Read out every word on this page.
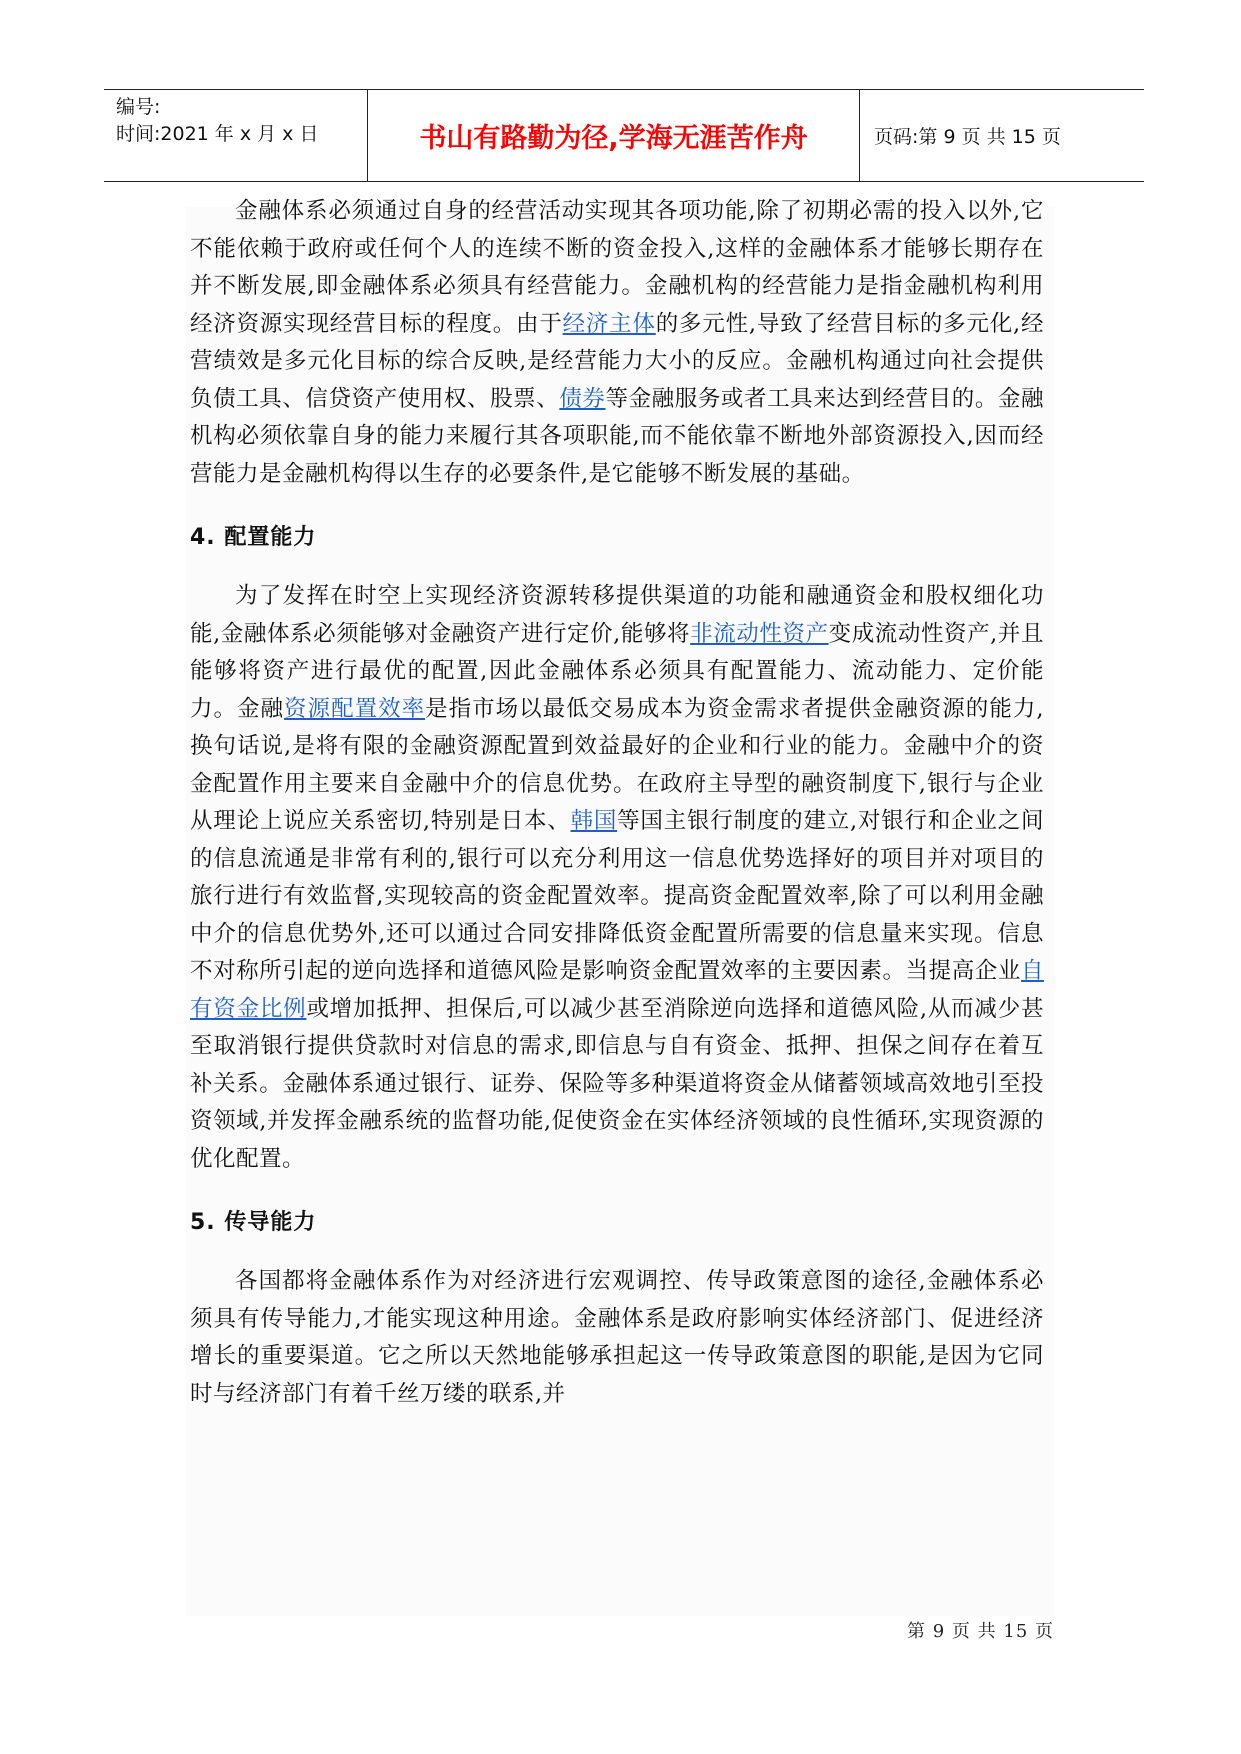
编号:
时间:2021 年 x 月 x 日	书山有路勤为径,学海无涯苦作舟	页码:第 9 页 共 15 页

金融体系必须通过自身的经营活动实现其各项功能,除了初期必需的投入以外,它不能依赖于政府或任何个人的连续不断的资金投入,这样的金融体系才能够长期存在并不断发展,即金融体系必须具有经营能力。金融机构的经营能力是指金融机构利用经济资源实现经营目标的程度。由于经济主体的多元性,导致了经营目标的多元化,经营绩效是多元化目标的综合反映,是经营能力大小的反应。金融机构通过向社会提供负债工具、信贷资产使用权、股票、债券等金融服务或者工具来达到经营目的。金融机构必须依靠自身的能力来履行其各项职能,而不能依靠不断地外部资源投入,因而经营能力是金融机构得以生存的必要条件,是它能够不断发展的基础。

4. 配置能力

为了发挥在时空上实现经济资源转移提供渠道的功能和融通资金和股权细化功能,金融体系必须能够对金融资产进行定价,能够将非流动性资产变成流动性资产,并且能够将资产进行最优的配置,因此金融体系必须具有配置能力、流动能力、定价能力。金融资源配置效率是指市场以最低交易成本为资金需求者提供金融资源的能力,换句话说,是将有限的金融资源配置到效益最好的企业和行业的能力。金融中介的资金配置作用主要来自金融中介的信息优势。在政府主导型的融资制度下,银行与企业从理论上说应关系密切,特别是日本、韩国等国主银行制度的建立,对银行和企业之间的信息流通是非常有利的,银行可以充分利用这一信息优势选择好的项目并对项目的旅行进行有效监督,实现较高的资金配置效率。提高资金配置效率,除了可以利用金融中介的信息优势外,还可以通过合同安排降低资金配置所需要的信息量来实现。信息不对称所引起的逆向选择和道德风险是影响资金配置效率的主要因素。当提高企业自有资金比例或增加抵押、担保后,可以减少甚至消除逆向选择和道德风险,从而减少甚至取消银行提供贷款时对信息的需求,即信息与自有资金、抵押、担保之间存在着互补关系。金融体系通过银行、证券、保险等多种渠道将资金从储蓄领域高效地引至投资领域,并发挥金融系统的监督功能,促使资金在实体经济领域的良性循环,实现资源的优化配置。

5. 传导能力

各国都将金融体系作为对经济进行宏观调控、传导政策意图的途径,金融体系必须具有传导能力,才能实现这种用途。金融体系是政府影响实体经济部门、促进经济增长的重要渠道。它之所以天然地能够承担起这一传导政策意图的职能,是因为它同时与经济部门有着千丝万缕的联系,并

第 9 页 共 15 页
